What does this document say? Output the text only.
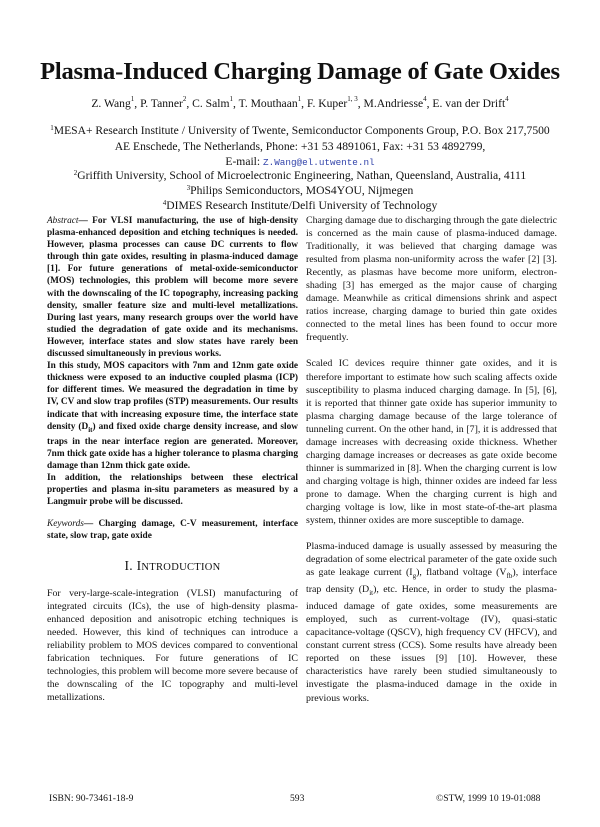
Plasma-Induced Charging Damage of Gate Oxides
Z. Wang$^1$, P. Tanner$^2$, C. Salm$^1$, T. Mouthaan$^1$, F. Kuper$^{1, 3}$, M.Andriesse$^4$, E. van der Drift$^4$
$^1$MESA+ Research Institute / University of Twente, Semiconductor Components Group, P.O. Box 217,7500
AE Enschede, The Netherlands, Phone: +31 53 4891061, Fax: +31 53 4892799,
E-mail: Z.Wang@el.utwente.nl
$^2$Griffith University, School of Microelectronic Engineering, Nathan, Queensland, Australia, 4111
$^3$Philips Semiconductors, MOS4YOU, Nijmegen
$^4$DIMES Research Institute/Delfi University of Technology

Abstract— For VLSI manufacturing, the use of high-density plasma-enhanced deposition and etching techniques is needed. However, plasma processes can cause DC currents to flow through thin gate oxides, resulting in plasma-induced damage [1]. For future generations of metal-oxide-semiconductor (MOS) technologies, this problem will become more severe with the downscaling of the IC topography, increasing packing density, smaller feature size and multi-level metallizations. During last years, many research groups over the world have studied the degradation of gate oxide and its mechanisms. However, interface states and slow states have rarely been discussed simultaneously in previous works.

In this study, MOS capacitors with 7nm and 12nm gate oxide thickness were exposed to an inductive coupled plasma (ICP) for different times. We measured the degradation in time by IV, CV and slow trap profiles (STP) measurements. Our results indicate that with increasing exposure time, the interface state density $(D_{it})$ and fixed oxide charge density increase, and slow traps in the near interface region are generated. Moreover, 7nm thick gate oxide has a higher tolerance to plasma charging damage than 12nm thick gate oxide.

In addition, the relationships between these electrical properties and plasma in-situ parameters as measured by a Langmuir probe will be discussed.

Keywords— Charging damage, C-V measurement, interface state, slow trap, gate oxide

I. INTRODUCTION

For very-large-scale-integration (VLSI) manufacturing of integrated circuits (ICs), the use of high-density plasma-enhanced deposition and anisotropic etching techniques is needed. However, this kind of techniques can introduce a reliability problem to MOS devices compared to conventional fabrication techniques. For future generations of IC technologies, this problem will become more severe because of the downscaling of the IC topography and multi-level metallizations.

Charging damage due to discharging through the gate dielectric is concerned as the main cause of plasma-induced damage. Traditionally, it was believed that charging damage was resulted from plasma non-uniformity across the wafer [2] [3]. Recently, as plasmas have become more uniform, electron-shading [3] has emerged as the major cause of charging damage. Meanwhile as critical dimensions shrink and aspect ratios increase, charging damage to buried thin gate oxides connected to the metal lines has been found to occur more frequently.

Scaled IC devices require thinner gate oxides, and it is therefore important to estimate how such scaling affects oxide susceptibility to plasma induced charging damage. In [5], [6], it is reported that thinner gate oxide has superior immunity to plasma charging damage because of the large tolerance of tunneling current. On the other hand, in [7], it is addressed that damage increases with decreasing oxide thickness. Whether charging damage increases or decreases as gate oxide become thinner is summarized in [8]. When the charging current is low and charging voltage is high, thinner oxides are indeed far less prone to damage. When the charging current is high and charging voltage is low, like in most state-of-the-art plasma system, thinner oxides are more susceptible to damage.

Plasma-induced damage is usually assessed by measuring the degradation of some electrical parameter of the gate oxide such as gate leakage current $(I_g)$, flatband voltage $(V_{fb})$, interface trap density $(D_{it})$, etc. Hence, in order to study the plasma-induced damage of gate oxides, some measurements are employed, such as current-voltage (IV), quasi-static capacitance-voltage (QSCV), high frequency CV (HFCV), and constant current stress (CCS). Some results have already been reported on these issues [9] [10]. However, these characteristics have rarely been studied simultaneously to investigate the plasma-induced damage in the oxide in previous works.

ISBN: 90-73461-18-9	593	©STW, 1999 10 19-01:088
